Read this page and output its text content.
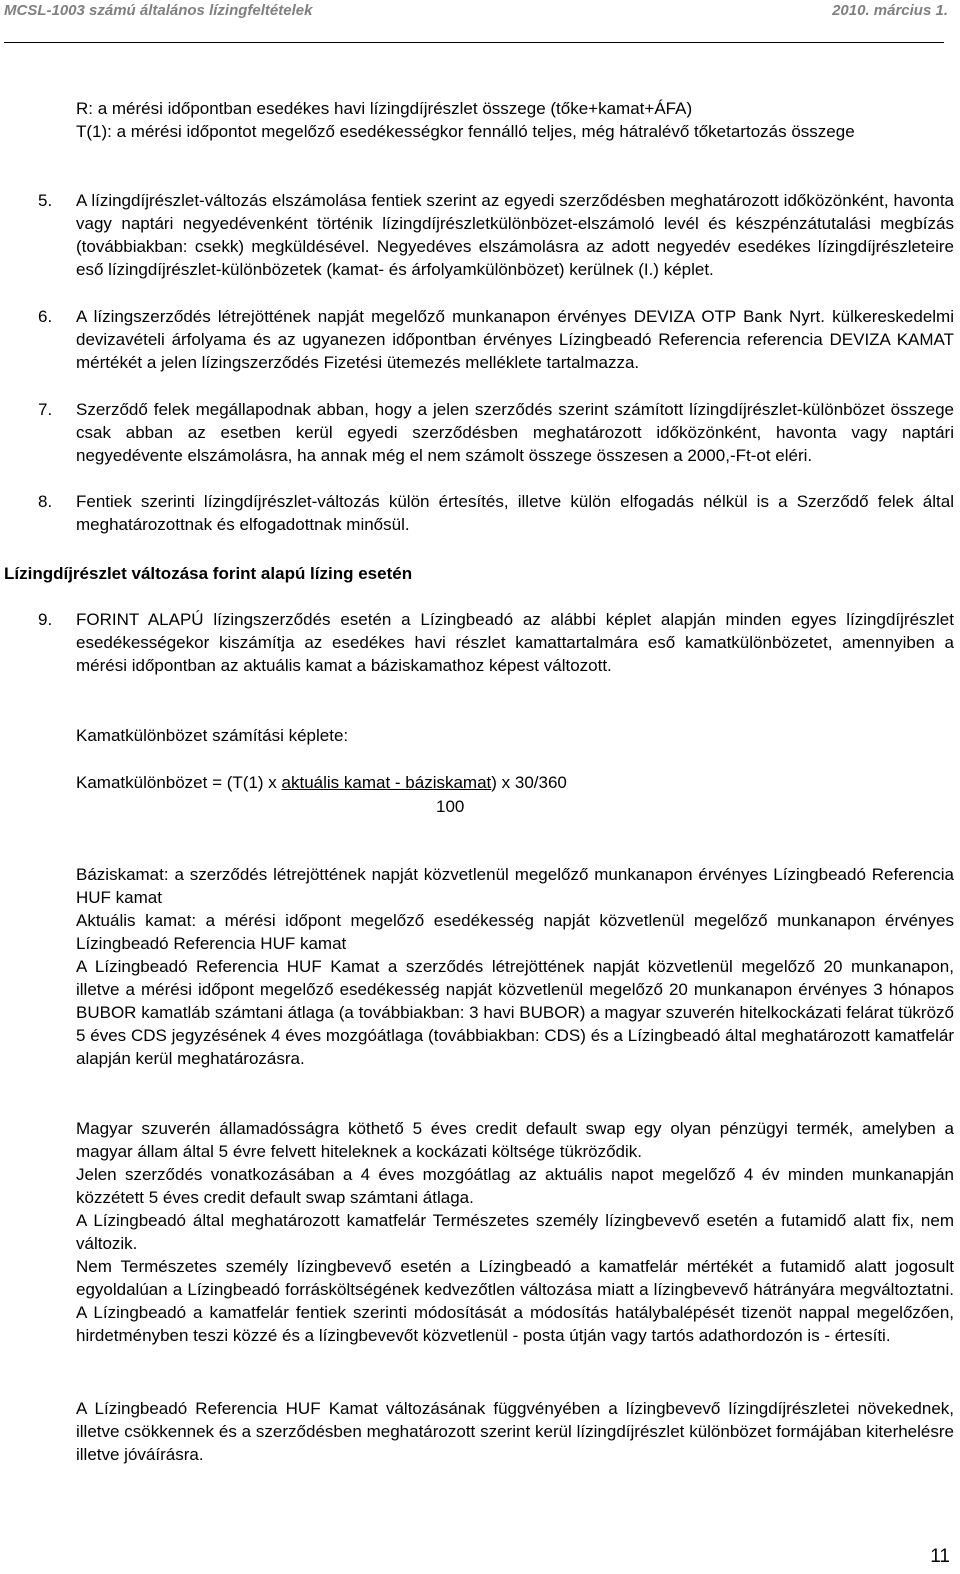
MCSL-1003 számú általános lízingfeltételek	2010. március 1.
R: a mérési időpontban esedékes havi lízingdíjrészlet összege (tőke+kamat+ÁFA)
T(1): a mérési időpontot megelőző esedékességkor fennálló teljes, még hátralévő tőketartozás összege
5. A lízingdíjrészlet-változás elszámolása fentiek szerint az egyedi szerződésben meghatározott időközönként, havonta vagy naptári negyedévenként történik lízingdíjrészletkülönbözet-elszámoló levél és készpénzátutalási megbízás (továbbiakban: csekk) megküldésével. Negyedéves elszámolásra az adott negyedév esedékes lízingdíjrészleteire eső lízingdíjrészlet-különbözetek (kamat- és árfolyamkülönbözet) kerülnek (I.) képlet.
6. A lízingszerződés létrejöttének napját megelőző munkanapon érvényes DEVIZA OTP Bank Nyrt. külkereskedelmi devizavételi árfolyama és az ugyanezen időpontban érvényes Lízingbeadó Referencia referencia DEVIZA KAMAT mértékét a jelen lízingszerződés Fizetési ütemezés melléklete tartalmazza.
7. Szerződő felek megállapodnak abban, hogy a jelen szerződés szerint számított lízingdíjrészlet-különbözet összege csak abban az esetben kerül egyedi szerződésben meghatározott időközönként, havonta vagy naptári negyedévente elszámolásra, ha annak még el nem számolt összege összesen a 2000,-Ft-ot eléri.
8. Fentiek szerinti lízingdíjrészlet-változás külön értesítés, illetve külön elfogadás nélkül is a Szerződő felek által meghatározottnak és elfogadottnak minősül.
Lízingdíjrészlet változása forint alapú lízing esetén
9. FORINT ALAPÚ lízingszerződés esetén a Lízingbeadó az alábbi képlet alapján minden egyes lízingdíjrészlet esedékességekor kiszámítja az esedékes havi részlet kamattartalmára eső kamatkülönbözetet, amennyiben a mérési időpontban az aktuális kamat a báziskamathoz képest változott.
Kamatkülönbözet számítási képlete:
Kamatkülönbözet = (T(1) x aktuális kamat - báziskamat) x 30/360
100
Báziskamat: a szerződés létrejöttének napját közvetlenül megelőző munkanapon érvényes Lízingbeadó Referencia HUF kamat
Aktuális kamat: a mérési időpont megelőző esedékesség napját közvetlenül megelőző munkanapon érvényes Lízingbeadó Referencia HUF kamat
A Lízingbeadó Referencia HUF Kamat a szerződés létrejöttének napját közvetlenül megelőző 20 munkanapon, illetve a mérési időpont megelőző esedékesség napját közvetlenül megelőző 20 munkanapon érvényes 3 hónapos BUBOR kamatláb számtani átlaga (a továbbiakban: 3 havi BUBOR) a magyar szuverén hitelkockázati felárat tükröző 5 éves CDS jegyzésének 4 éves mozgóátlaga (továbbiakban: CDS) és a Lízingbeadó által meghatározott kamatfelár alapján kerül meghatározásra.
Magyar szuverén államadósságra köthető 5 éves credit default swap egy olyan pénzügyi termék, amelyben a magyar állam által 5 évre felvett hiteleknek a kockázati költsége tükröződik.
Jelen szerződés vonatkozásában a 4 éves mozgóátlag az aktuális napot megelőző 4 év minden munkanapján közzétett 5 éves credit default swap számtani átlaga.
A Lízingbeadó által meghatározott kamatfelár Természetes személy lízingbevevő esetén a futamidő alatt fix, nem változik.
Nem Természetes személy lízingbevevő esetén a Lízingbeadó a kamatfelár mértékét a futamidő alatt jogosult egyoldalúan a Lízingbeadó forrásköltségének kedvezőtlen változása miatt a lízingbevevő hátrányára megváltoztatni. A Lízingbeadó a kamatfelár fentiek szerinti módosítását a módosítás hatálybalépését tizenöt nappal megelőzően, hirdetményben teszi közzé és a lízingbevevőt közvetlenül - posta útján vagy tartós adathordozón is - értesíti.
A Lízingbeadó Referencia HUF Kamat változásának függvényében a lízingbevevő lízingdíjrészletei növekednek, illetve csökkennek és a szerződésben meghatározott szerint kerül lízingdíjrészlet különbözet formájában kiterhelésre illetve jóváírásra.
11
